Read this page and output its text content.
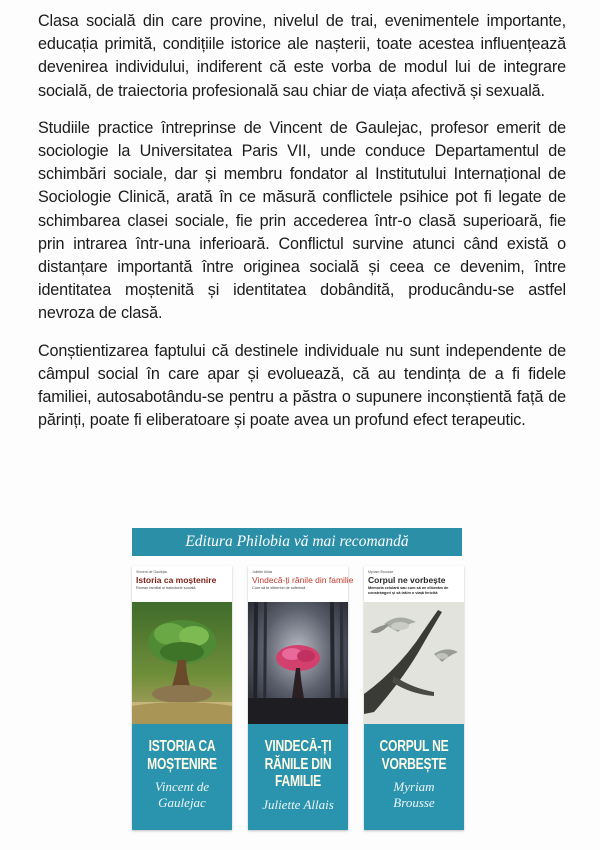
Clasa socială din care provine, nivelul de trai, evenimentele importante, educația primită, condițiile istorice ale nașterii, toate acestea influențează devenirea individului, indiferent că este vorba de modul lui de integrare socială, de traiectoria profesională sau chiar de viața afectivă și sexuală.

Studiile practice întreprinse de Vincent de Gaulejac, profesor emerit de sociologie la Universitatea Paris VII, unde conduce Departamentul de schimbări sociale, dar și membru fondator al Institutului Internațional de Sociologie Clinică, arată în ce măsură conflictele psihice pot fi legate de schimbarea clasei sociale, fie prin accederea într-o clasă superioară, fie prin intrarea într-una inferioară. Conflictul survine atunci când există o distanțare importantă între originea socială și ceea ce devenim, între identitatea moștenită și identitatea dobândită, producându-se astfel nevroza de clasă.

Conștientizarea faptului că destinele individuale nu sunt independente de câmpul social în care apar și evoluează, că au tendința de a fi fidele familiei, autosabotându-se pentru a păstra o supunere inconștientă față de părinți, poate fi eliberatoare și poate avea un profund efect terapeutic.

Editura Philobia vă mai recomandă
Vincent de Gaulejac
Istoria ca moștenire
Roman familial și traiectorie socială
ISTORIA CA
MOȘTENIRE
Vincent de
Gaulejac
Juliette Allais
Vindecă-ți rănile din familie
Cum să te eliberezi de suferință
VINDECĂ-ȚI
RĂNILE DIN
FAMILIE
Juliette Allais
Myriam Brousse
Corpul ne vorbește
Memoria celulară sau cum să ne eliberăm de constrângeri și să trăim o viață fericită
CORPUL NE
VORBEȘTE
Myriam
Brousse
